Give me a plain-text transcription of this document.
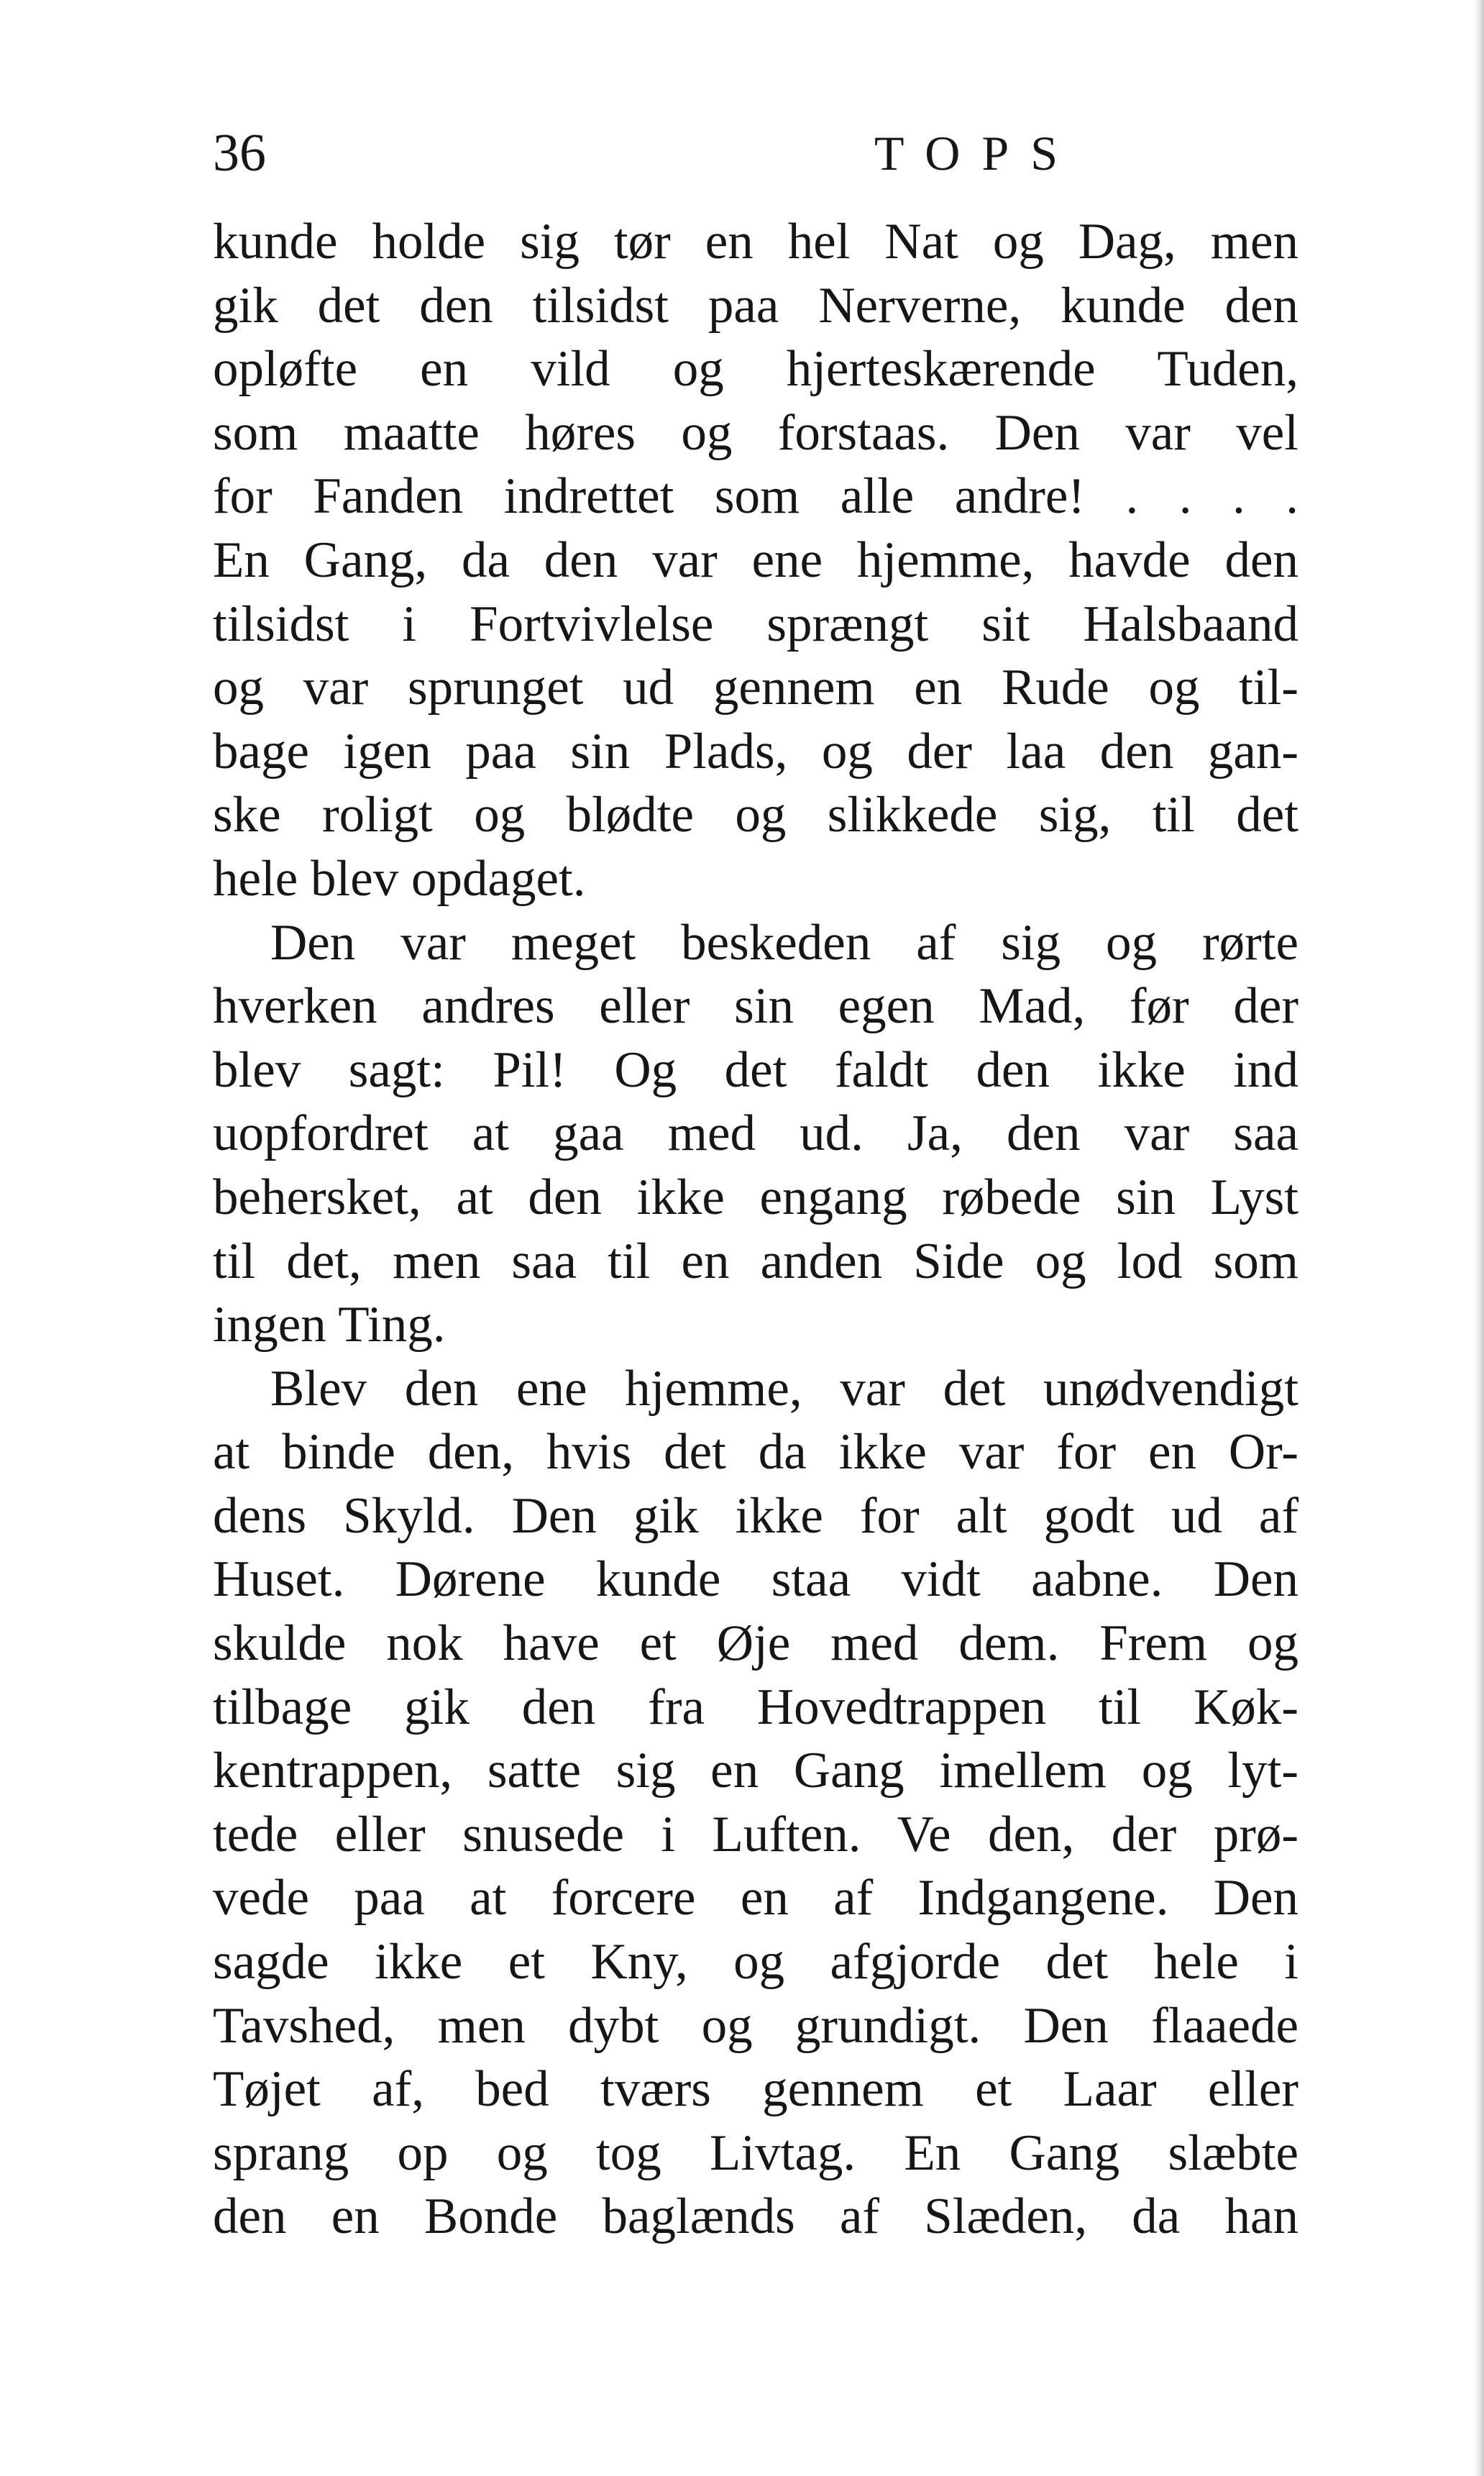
36	TOPS
kunde holde sig tør en hel Nat og Dag, men
gik det den tilsidst paa Nerverne, kunde den
opløfte en vild og hjerteskærende Tuden,
som maatte høres og forstaas. Den var vel
for Fanden indrettet som alle andre! . . . .
En Gang, da den var ene hjemme, havde den
tilsidst i Fortvivlelse sprængt sit Halsbaand
og var sprunget ud gennem en Rude og til-
bage igen paa sin Plads, og der laa den gan-
ske roligt og blødte og slikkede sig, til det
hele blev opdaget.
Den var meget beskeden af sig og rørte
hverken andres eller sin egen Mad, før der
blev sagt: Pil! Og det faldt den ikke ind
uopfordret at gaa med ud. Ja, den var saa
behersket, at den ikke engang røbede sin Lyst
til det, men saa til en anden Side og lod som
ingen Ting.
Blev den ene hjemme, var det unødvendigt
at binde den, hvis det da ikke var for en Or-
dens Skyld. Den gik ikke for alt godt ud af
Huset. Dørene kunde staa vidt aabne. Den
skulde nok have et Øje med dem. Frem og
tilbage gik den fra Hovedtrappen til Køk-
kentrappen, satte sig en Gang imellem og lyt-
tede eller snusede i Luften. Ve den, der prø-
vede paa at forcere en af Indgangene. Den
sagde ikke et Kny, og afgjorde det hele i
Tavshed, men dybt og grundigt. Den flaaede
Tøjet af, bed tværs gennem et Laar eller
sprang op og tog Livtag. En Gang slæbte
den en Bonde baglænds af Slæden, da han
